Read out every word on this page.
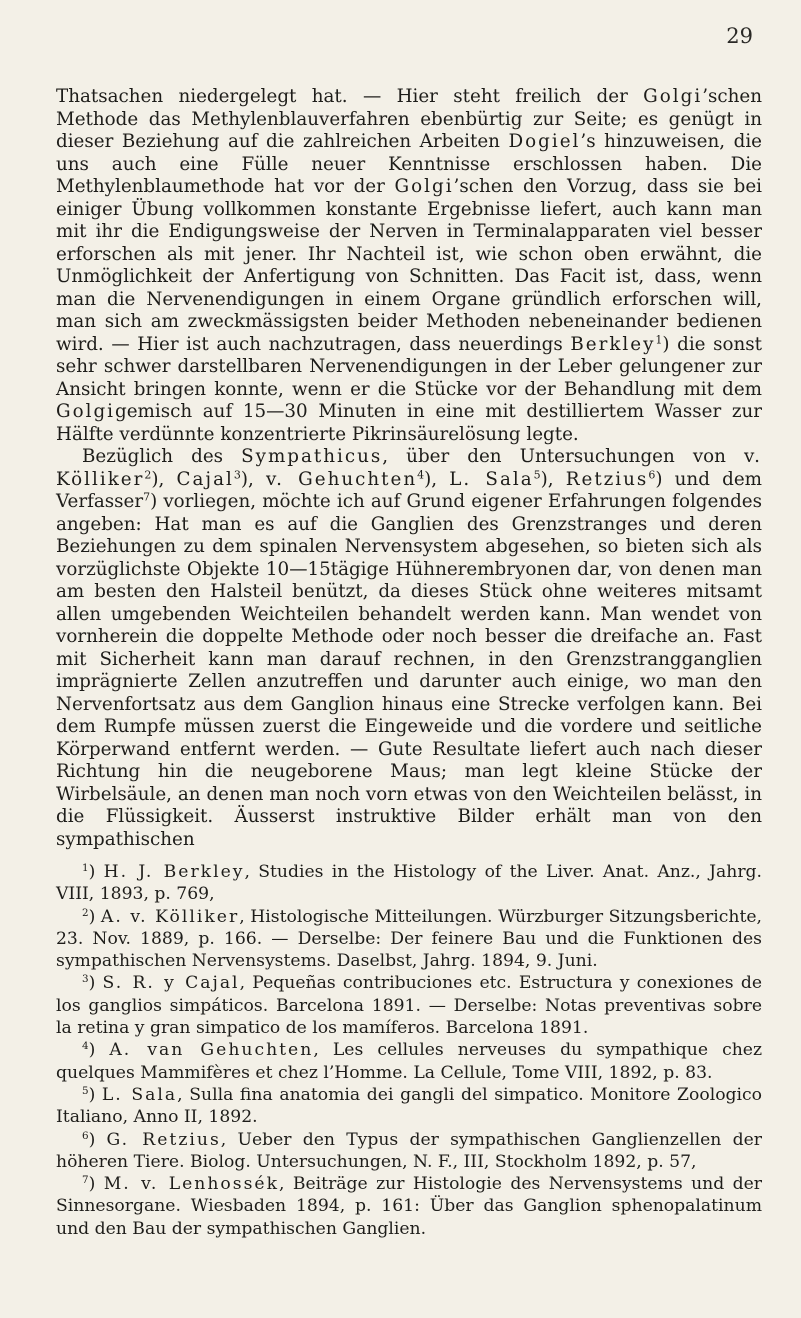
29

Thatsachen niedergelegt hat. — Hier steht freilich der Golgi’schen Methode das Methylenblauverfahren ebenbürtig zur Seite; es genügt in dieser Beziehung auf die zahlreichen Arbeiten Dogiel’s hinzuweisen, die uns auch eine Fülle neuer Kenntnisse erschlossen haben. Die Methylenblaumethode hat vor der Golgi’schen den Vorzug, dass sie bei einiger Übung vollkommen konstante Ergebnisse liefert, auch kann man mit ihr die Endigungsweise der Nerven in Terminalapparaten viel besser erforschen als mit jener. Ihr Nachteil ist, wie schon oben erwähnt, die Unmöglichkeit der Anfertigung von Schnitten. Das Facit ist, dass, wenn man die Nervenendigungen in einem Organe gründlich erforschen will, man sich am zweckmässigsten beider Methoden nebeneinander bedienen wird. — Hier ist auch nachzutragen, dass neuerdings Berkley$^1$) die sonst sehr schwer darstellbaren Nervenendigungen in der Leber gelungener zur Ansicht bringen konnte, wenn er die Stücke vor der Behandlung mit dem Golgigemisch auf 15—30 Minuten in eine mit destilliertem Wasser zur Hälfte verdünnte konzentrierte Pikrinsäurelösung legte.

Bezüglich des Sympathicus, über den Untersuchungen von v. Kölliker$^2$), Cajal$^3$), v. Gehuchten$^4$), L. Sala$^5$), Retzius$^6$) und dem Verfasser$^7$) vorliegen, möchte ich auf Grund eigener Erfahrungen folgendes angeben: Hat man es auf die Ganglien des Grenzstranges und deren Beziehungen zu dem spinalen Nervensystem abgesehen, so bieten sich als vorzüglichste Objekte 10—15tägige Hühnerembryonen dar, von denen man am besten den Halsteil benützt, da dieses Stück ohne weiteres mitsamt allen umgebenden Weichteilen behandelt werden kann. Man wendet von vornherein die doppelte Methode oder noch besser die dreifache an. Fast mit Sicherheit kann man darauf rechnen, in den Grenzstrangganglien imprägnierte Zellen anzutreffen und darunter auch einige, wo man den Nervenfortsatz aus dem Ganglion hinaus eine Strecke verfolgen kann. Bei dem Rumpfe müssen zuerst die Eingeweide und die vordere und seitliche Körperwand entfernt werden. — Gute Resultate liefert auch nach dieser Richtung hin die neugeborene Maus; man legt kleine Stücke der Wirbelsäule, an denen man noch vorn etwas von den Weichteilen belässt, in die Flüssigkeit. Äusserst instruktive Bilder erhält man von den sympathischen

$^1$) H. J. Berkley, Studies in the Histology of the Liver. Anat. Anz., Jahrg. VIII, 1893, p. 769,

$^2$) A. v. Kölliker, Histologische Mitteilungen. Würzburger Sitzungsberichte, 23. Nov. 1889, p. 166. — Derselbe: Der feinere Bau und die Funktionen des sympathischen Nervensystems. Daselbst, Jahrg. 1894, 9. Juni.

$^3$) S. R. y Cajal, Pequeñas contribuciones etc. Estructura y conexiones de los ganglios simpáticos. Barcelona 1891. — Derselbe: Notas preventivas sobre la retina y gran simpatico de los mamíferos. Barcelona 1891.

$^4$) A. van Gehuchten, Les cellules nerveuses du sympathique chez quelques Mammifères et chez l’Homme. La Cellule, Tome VIII, 1892, p. 83.

$^5$) L. Sala, Sulla fina anatomia dei gangli del simpatico. Monitore Zoologico Italiano, Anno II, 1892.

$^6$) G. Retzius, Ueber den Typus der sympathischen Ganglienzellen der höheren Tiere. Biolog. Untersuchungen, N. F., III, Stockholm 1892, p. 57,

$^7$) M. v. Lenhossék, Beiträge zur Histologie des Nervensystems und der Sinnesorgane. Wiesbaden 1894, p. 161: Über das Ganglion sphenopalatinum und den Bau der sympathischen Ganglien.
